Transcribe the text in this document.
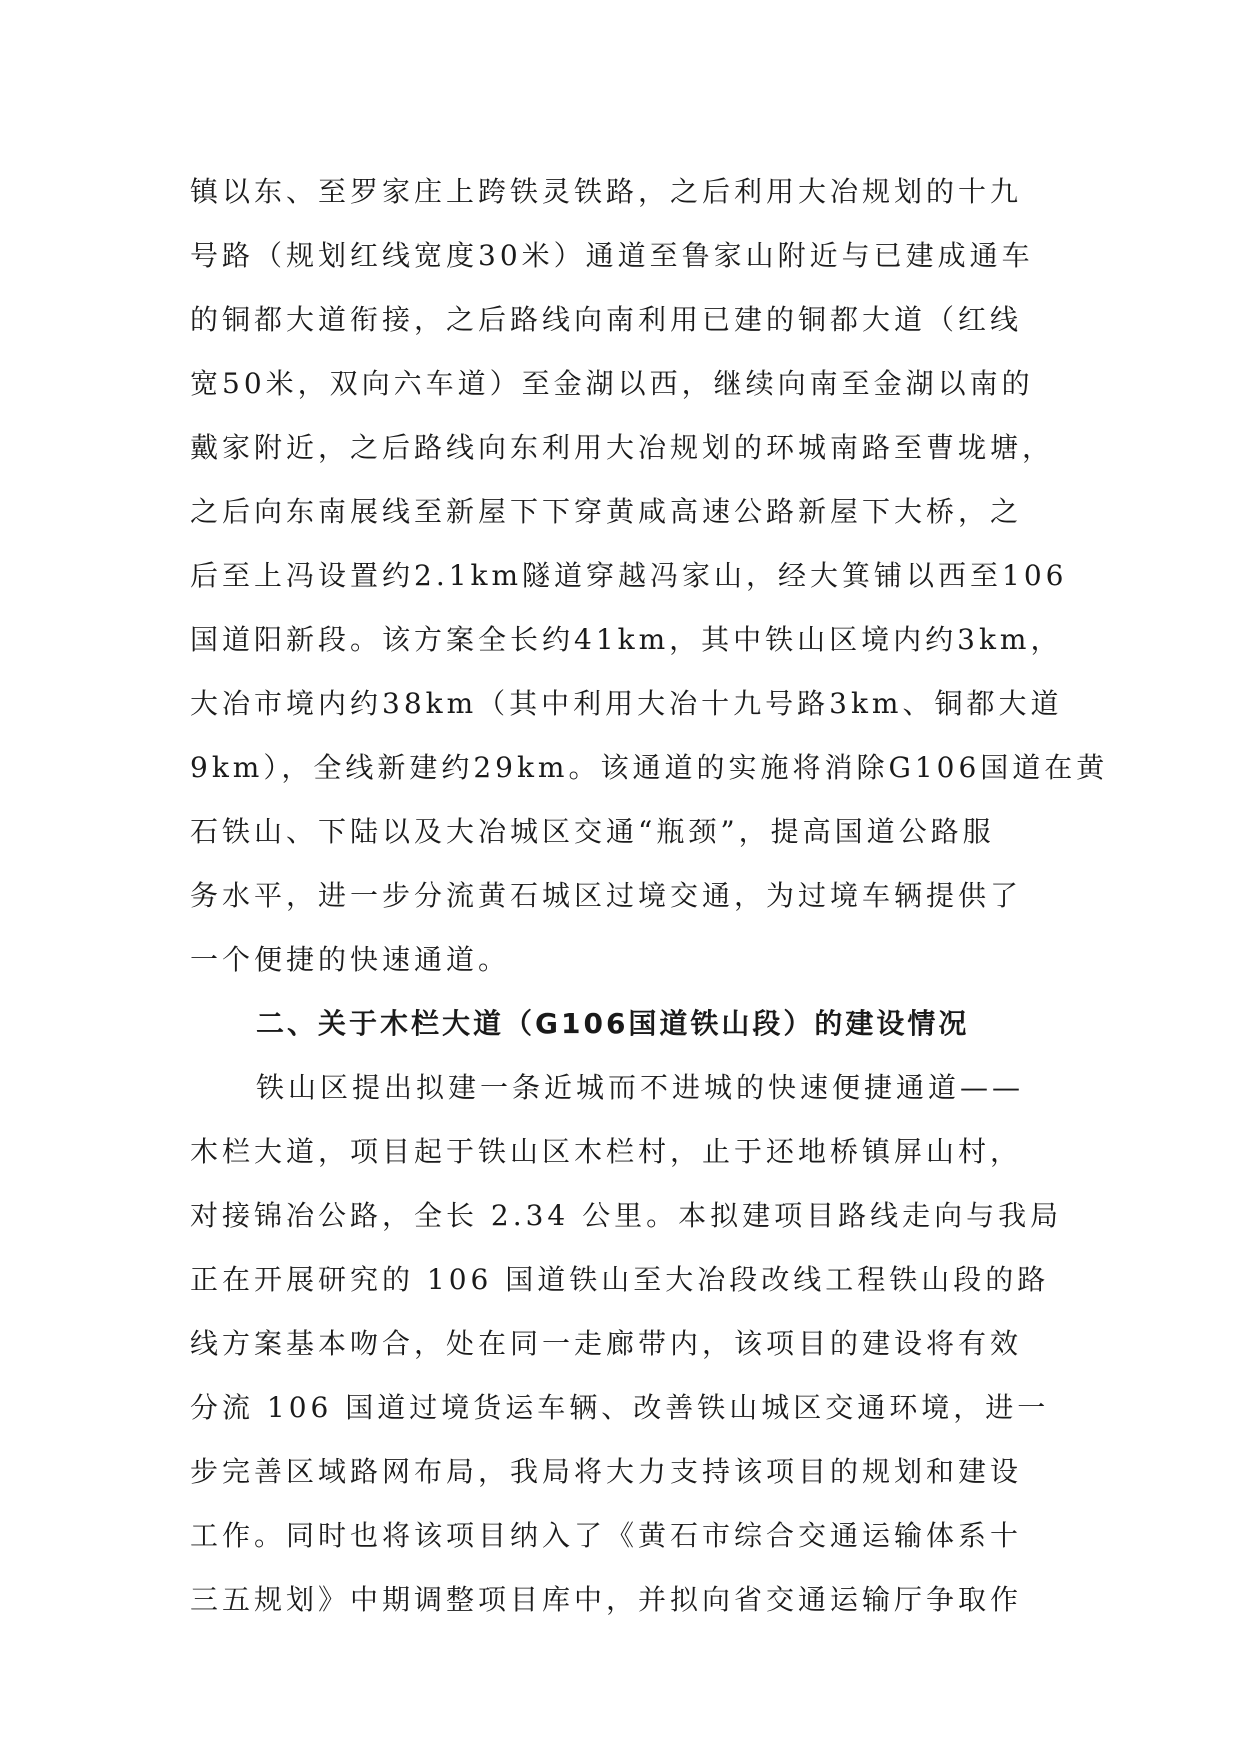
镇以东、至罗家庄上跨铁灵铁路，之后利用大冶规划的十九
号路（规划红线宽度30米）通道至鲁家山附近与已建成通车
的铜都大道衔接，之后路线向南利用已建的铜都大道（红线
宽50米，双向六车道）至金湖以西，继续向南至金湖以南的
戴家附近，之后路线向东利用大冶规划的环城南路至曹垅塘，
之后向东南展线至新屋下下穿黄咸高速公路新屋下大桥，之
后至上冯设置约2.1km隧道穿越冯家山，经大箕铺以西至106
国道阳新段。该方案全长约41km，其中铁山区境内约3km，
大冶市境内约38km（其中利用大冶十九号路3km、铜都大道
9km），全线新建约29km。该通道的实施将消除G106国道在黄
石铁山、下陆以及大冶城区交通“瓶颈”，提高国道公路服
务水平，进一步分流黄石城区过境交通，为过境车辆提供了
一个便捷的快速通道。
二、关于木栏大道（G106国道铁山段）的建设情况
铁山区提出拟建一条近城而不进城的快速便捷通道——
木栏大道，项目起于铁山区木栏村，止于还地桥镇屏山村，
对接锦冶公路，全长 2.34 公里。本拟建项目路线走向与我局
正在开展研究的 106 国道铁山至大冶段改线工程铁山段的路
线方案基本吻合，处在同一走廊带内，该项目的建设将有效
分流 106 国道过境货运车辆、改善铁山城区交通环境，进一
步完善区域路网布局，我局将大力支持该项目的规划和建设
工作。同时也将该项目纳入了《黄石市综合交通运输体系十
三五规划》中期调整项目库中，并拟向省交通运输厅争取作
